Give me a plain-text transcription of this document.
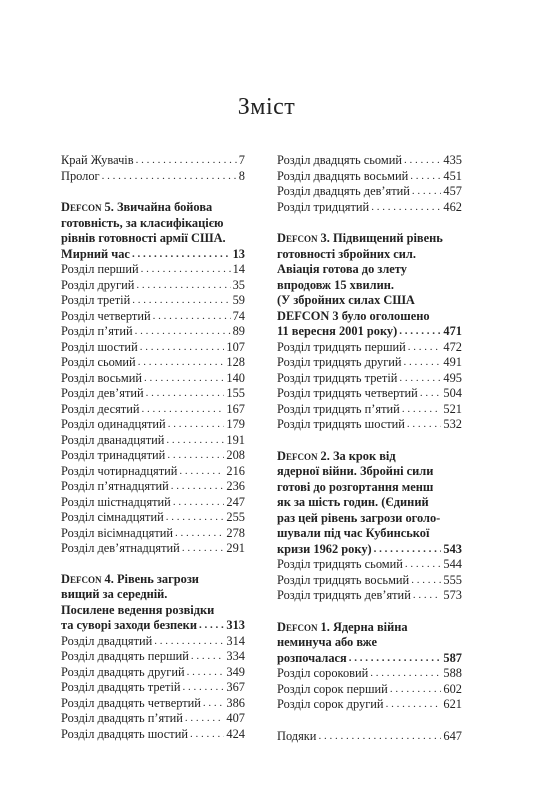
Зміст
Край Жувачів . . .	7
Пролог . . .	8
Defcon 5. Звичайна бойова
готовність, за класифікацією
рівнів готовності армії США.
Мирний час . . .	13
Розділ перший . . .	14
Розділ другий . . .	35
Розділ третій . . .	59
Розділ четвертий . . .	74
Розділ п’ятий . . .	89
Розділ шостий . . .	107
Розділ сьомий . . .	128
Розділ восьмий . . .	140
Розділ дев’ятий . . .	155
Розділ десятий . . .	167
Розділ одинадцятий . . .	179
Розділ дванадцятий . . .	191
Розділ тринадцятий . . .	208
Розділ чотирнадцятий . . .	216
Розділ п’ятнадцятий . . .	236
Розділ шістнадцятий . . .	247
Розділ сімнадцятий . . .	255
Розділ вісімнадцятий . . .	278
Розділ дев’ятнадцятий . . .	291
Defcon 4. Рівень загрози
вищий за середній.
Посилене ведення розвідки
та суворі заходи безпеки . . . 313
Розділ двадцятий . . .	314
Розділ двадцять перший . . .	334
Розділ двадцять другий . . .	349
Розділ двадцять третій . . .	367
Розділ двадцять четвертий . . . 386
Розділ двадцять п’ятий . . .	407
Розділ двадцять шостий . . .	424
Розділ двадцять сьомий . . .	435
Розділ двадцять восьмий . . .	451
Розділ двадцять дев’ятий . . .	457
Розділ тридцятий . . .	462
Defcon 3. Підвищений рівень
готовності збройних сил.
Авіація готова до злету
впродовж 15 хвилин.
(У збройних силах США
DEFCON 3 було оголошено
11 вересня 2001 року) . . .	471
Розділ тридцять перший . . .	472
Розділ тридцять другий . . .	491
Розділ тридцять третій . . .	495
Розділ тридцять четвертий . . . 504
Розділ тридцять п’ятий . . .	521
Розділ тридцять шостий . . .	532
Defcon 2. За крок від
ядерної війни. Збройні сили
готові до розгортання менш
як за шість годин. (Єдиний
раз цей рівень загрози оголо-
шували під час Кубинської
кризи 1962 року) . . .	543
Розділ тридцять сьомий . . .	544
Розділ тридцять восьмий . . .	555
Розділ тридцять дев’ятий . . .	573
Defcon 1. Ядерна війна
неминуча або вже
розпочалася . . .	587
Розділ сороковий . . .	588
Розділ сорок перший . . .	602
Розділ сорок другий . . .	621
Подяки . . .	647
